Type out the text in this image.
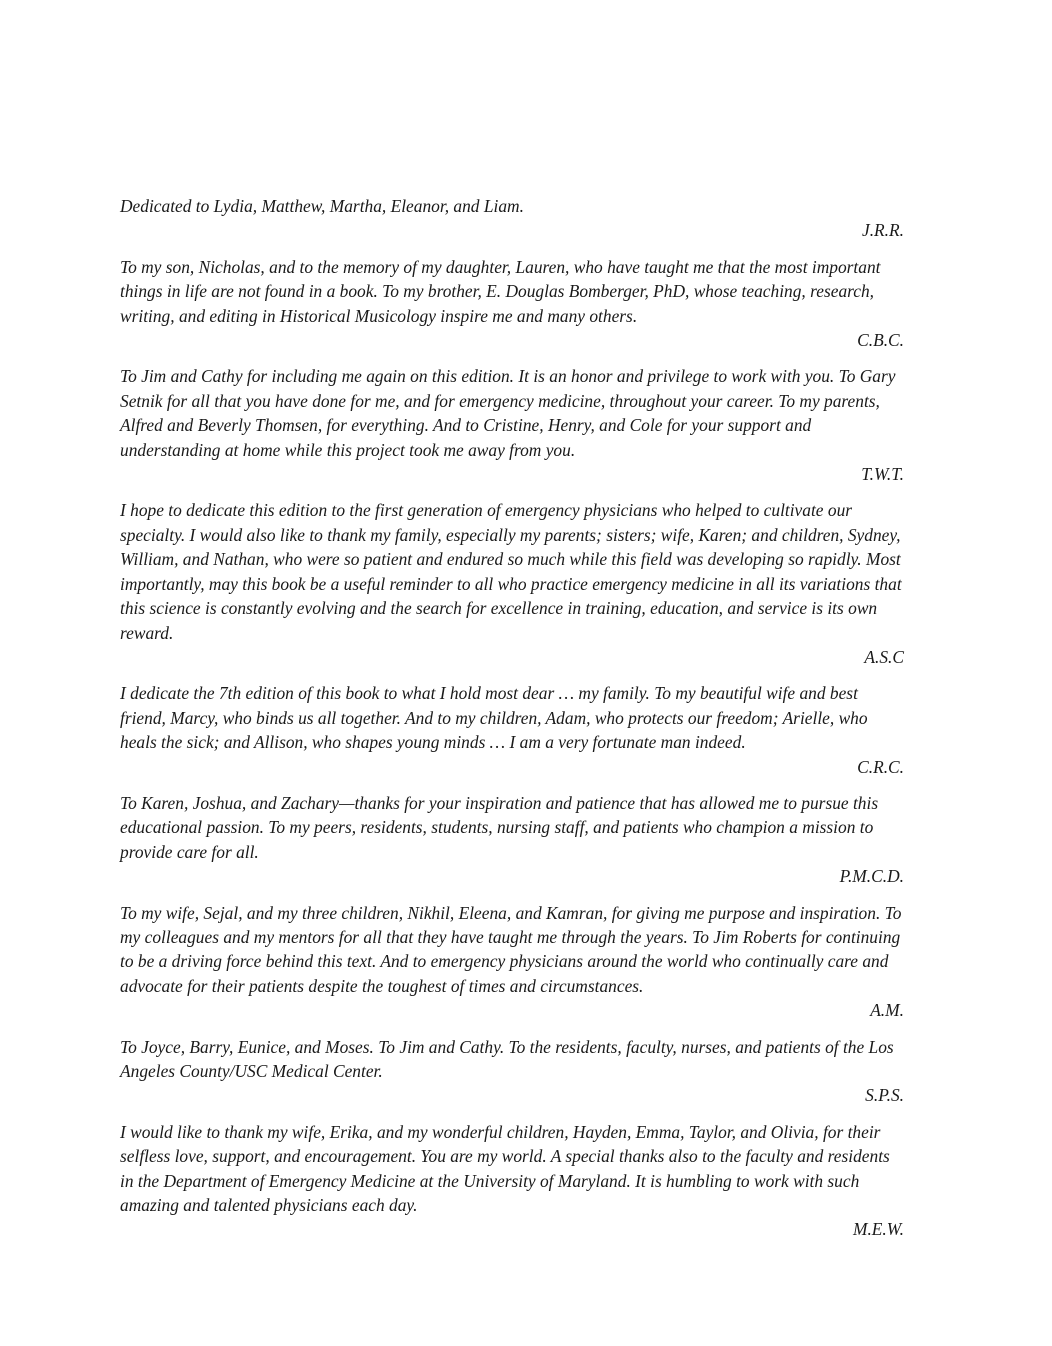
Dedicated to Lydia, Matthew, Martha, Eleanor, and Liam.

J.R.R.

To my son, Nicholas, and to the memory of my daughter, Lauren, who have taught me that the most important things in life are not found in a book. To my brother, E. Douglas Bomberger, PhD, whose teaching, research, writing, and editing in Historical Musicology inspire me and many others.

C.B.C.

To Jim and Cathy for including me again on this edition. It is an honor and privilege to work with you. To Gary Setnik for all that you have done for me, and for emergency medicine, throughout your career. To my parents, Alfred and Beverly Thomsen, for everything. And to Cristine, Henry, and Cole for your support and understanding at home while this project took me away from you.

T.W.T.

I hope to dedicate this edition to the first generation of emergency physicians who helped to cultivate our specialty. I would also like to thank my family, especially my parents; sisters; wife, Karen; and children, Sydney, William, and Nathan, who were so patient and endured so much while this field was developing so rapidly. Most importantly, may this book be a useful reminder to all who practice emergency medicine in all its variations that this science is constantly evolving and the search for excellence in training, education, and service is its own reward.

A.S.C

I dedicate the 7th edition of this book to what I hold most dear … my family. To my beautiful wife and best friend, Marcy, who binds us all together. And to my children, Adam, who protects our freedom; Arielle, who heals the sick; and Allison, who shapes young minds … I am a very fortunate man indeed.

C.R.C.

To Karen, Joshua, and Zachary—thanks for your inspiration and patience that has allowed me to pursue this educational passion. To my peers, residents, students, nursing staff, and patients who champion a mission to provide care for all.

P.M.C.D.

To my wife, Sejal, and my three children, Nikhil, Eleena, and Kamran, for giving me purpose and inspiration. To my colleagues and my mentors for all that they have taught me through the years. To Jim Roberts for continuing to be a driving force behind this text. And to emergency physicians around the world who continually care and advocate for their patients despite the toughest of times and circumstances.

A.M.

To Joyce, Barry, Eunice, and Moses. To Jim and Cathy. To the residents, faculty, nurses, and patients of the Los Angeles County/USC Medical Center.

S.P.S.

I would like to thank my wife, Erika, and my wonderful children, Hayden, Emma, Taylor, and Olivia, for their selfless love, support, and encouragement. You are my world. A special thanks also to the faculty and residents in the Department of Emergency Medicine at the University of Maryland. It is humbling to work with such amazing and talented physicians each day.

M.E.W.
